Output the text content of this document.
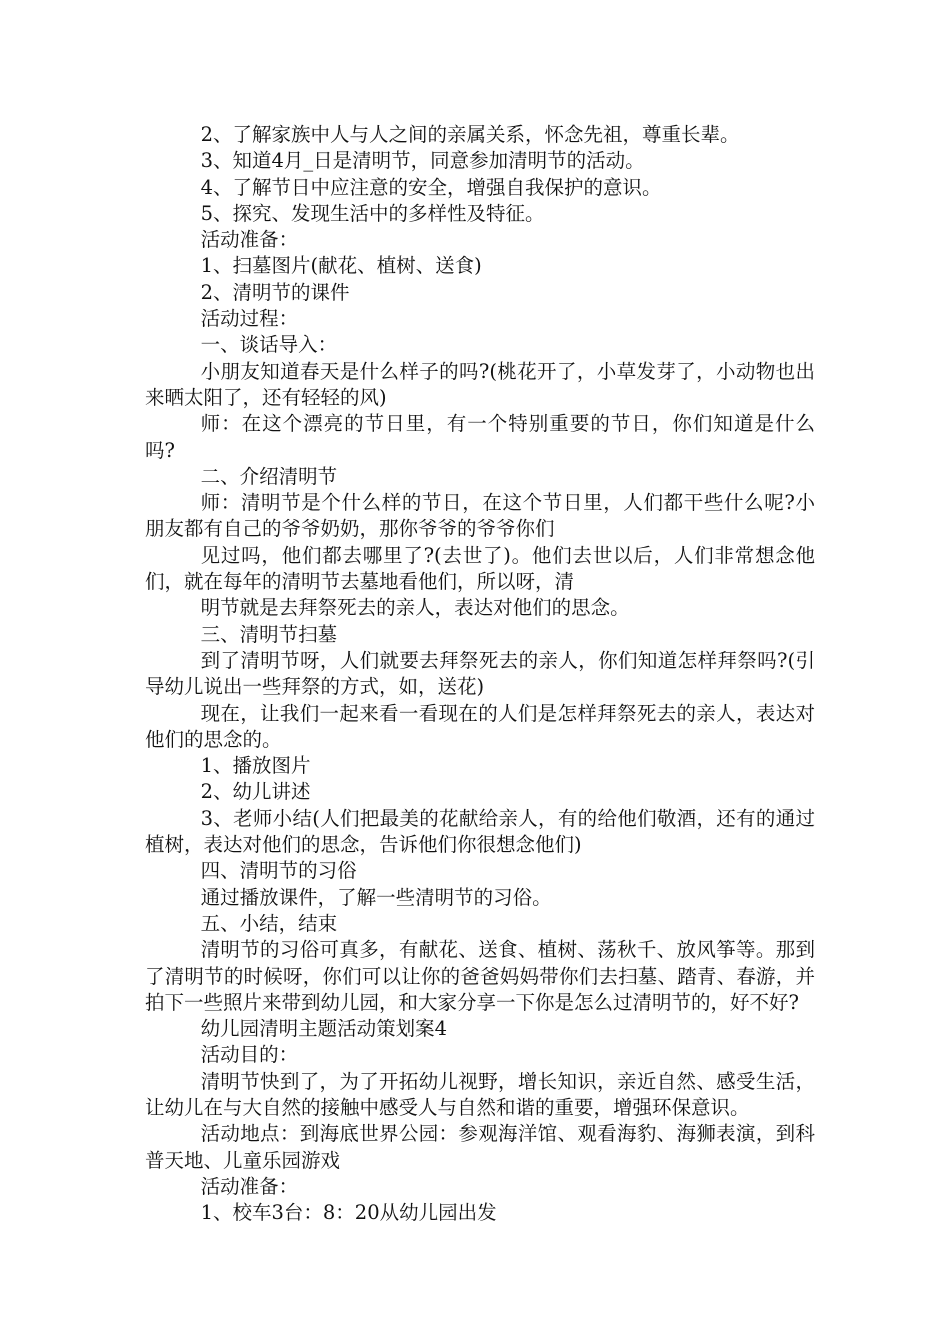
2、了解家族中人与人之间的亲属关系，怀念先祖，尊重长辈。

3、知道4月_日是清明节，同意参加清明节的活动。

4、了解节日中应注意的安全，增强自我保护的意识。

5、探究、发现生活中的多样性及特征。

活动准备：

1、扫墓图片(献花、植树、送食)

2、清明节的课件

活动过程：

一、谈话导入：

小朋友知道春天是什么样子的吗?(桃花开了，小草发芽了，小动物也出来晒太阳了，还有轻轻的风)

师：在这个漂亮的节日里，有一个特别重要的节日，你们知道是什么吗?

二、介绍清明节

师：清明节是个什么样的节日，在这个节日里，人们都干些什么呢?小朋友都有自己的爷爷奶奶，那你爷爷的爷爷你们

见过吗，他们都去哪里了?(去世了)。他们去世以后，人们非常想念他们，就在每年的清明节去墓地看他们，所以呀，清

明节就是去拜祭死去的亲人，表达对他们的思念。

三、清明节扫墓

到了清明节呀，人们就要去拜祭死去的亲人，你们知道怎样拜祭吗?(引导幼儿说出一些拜祭的方式，如，送花)

现在，让我们一起来看一看现在的人们是怎样拜祭死去的亲人，表达对他们的思念的。

1、播放图片

2、幼儿讲述

3、老师小结(人们把最美的花献给亲人，有的给他们敬酒，还有的通过植树，表达对他们的思念，告诉他们你很想念他们)

四、清明节的习俗

通过播放课件，了解一些清明节的习俗。

五、小结，结束

清明节的习俗可真多，有献花、送食、植树、荡秋千、放风筝等。那到了清明节的时候呀，你们可以让你的爸爸妈妈带你们去扫墓、踏青、春游，并拍下一些照片来带到幼儿园，和大家分享一下你是怎么过清明节的，好不好?

幼儿园清明主题活动策划案4

活动目的：

清明节快到了，为了开拓幼儿视野，增长知识，亲近自然、感受生活，让幼儿在与大自然的接触中感受人与自然和谐的重要，增强环保意识。

活动地点：到海底世界公园：参观海洋馆、观看海豹、海狮表演，到科普天地、儿童乐园游戏

活动准备：

1、校车3台：8：20从幼儿园出发
